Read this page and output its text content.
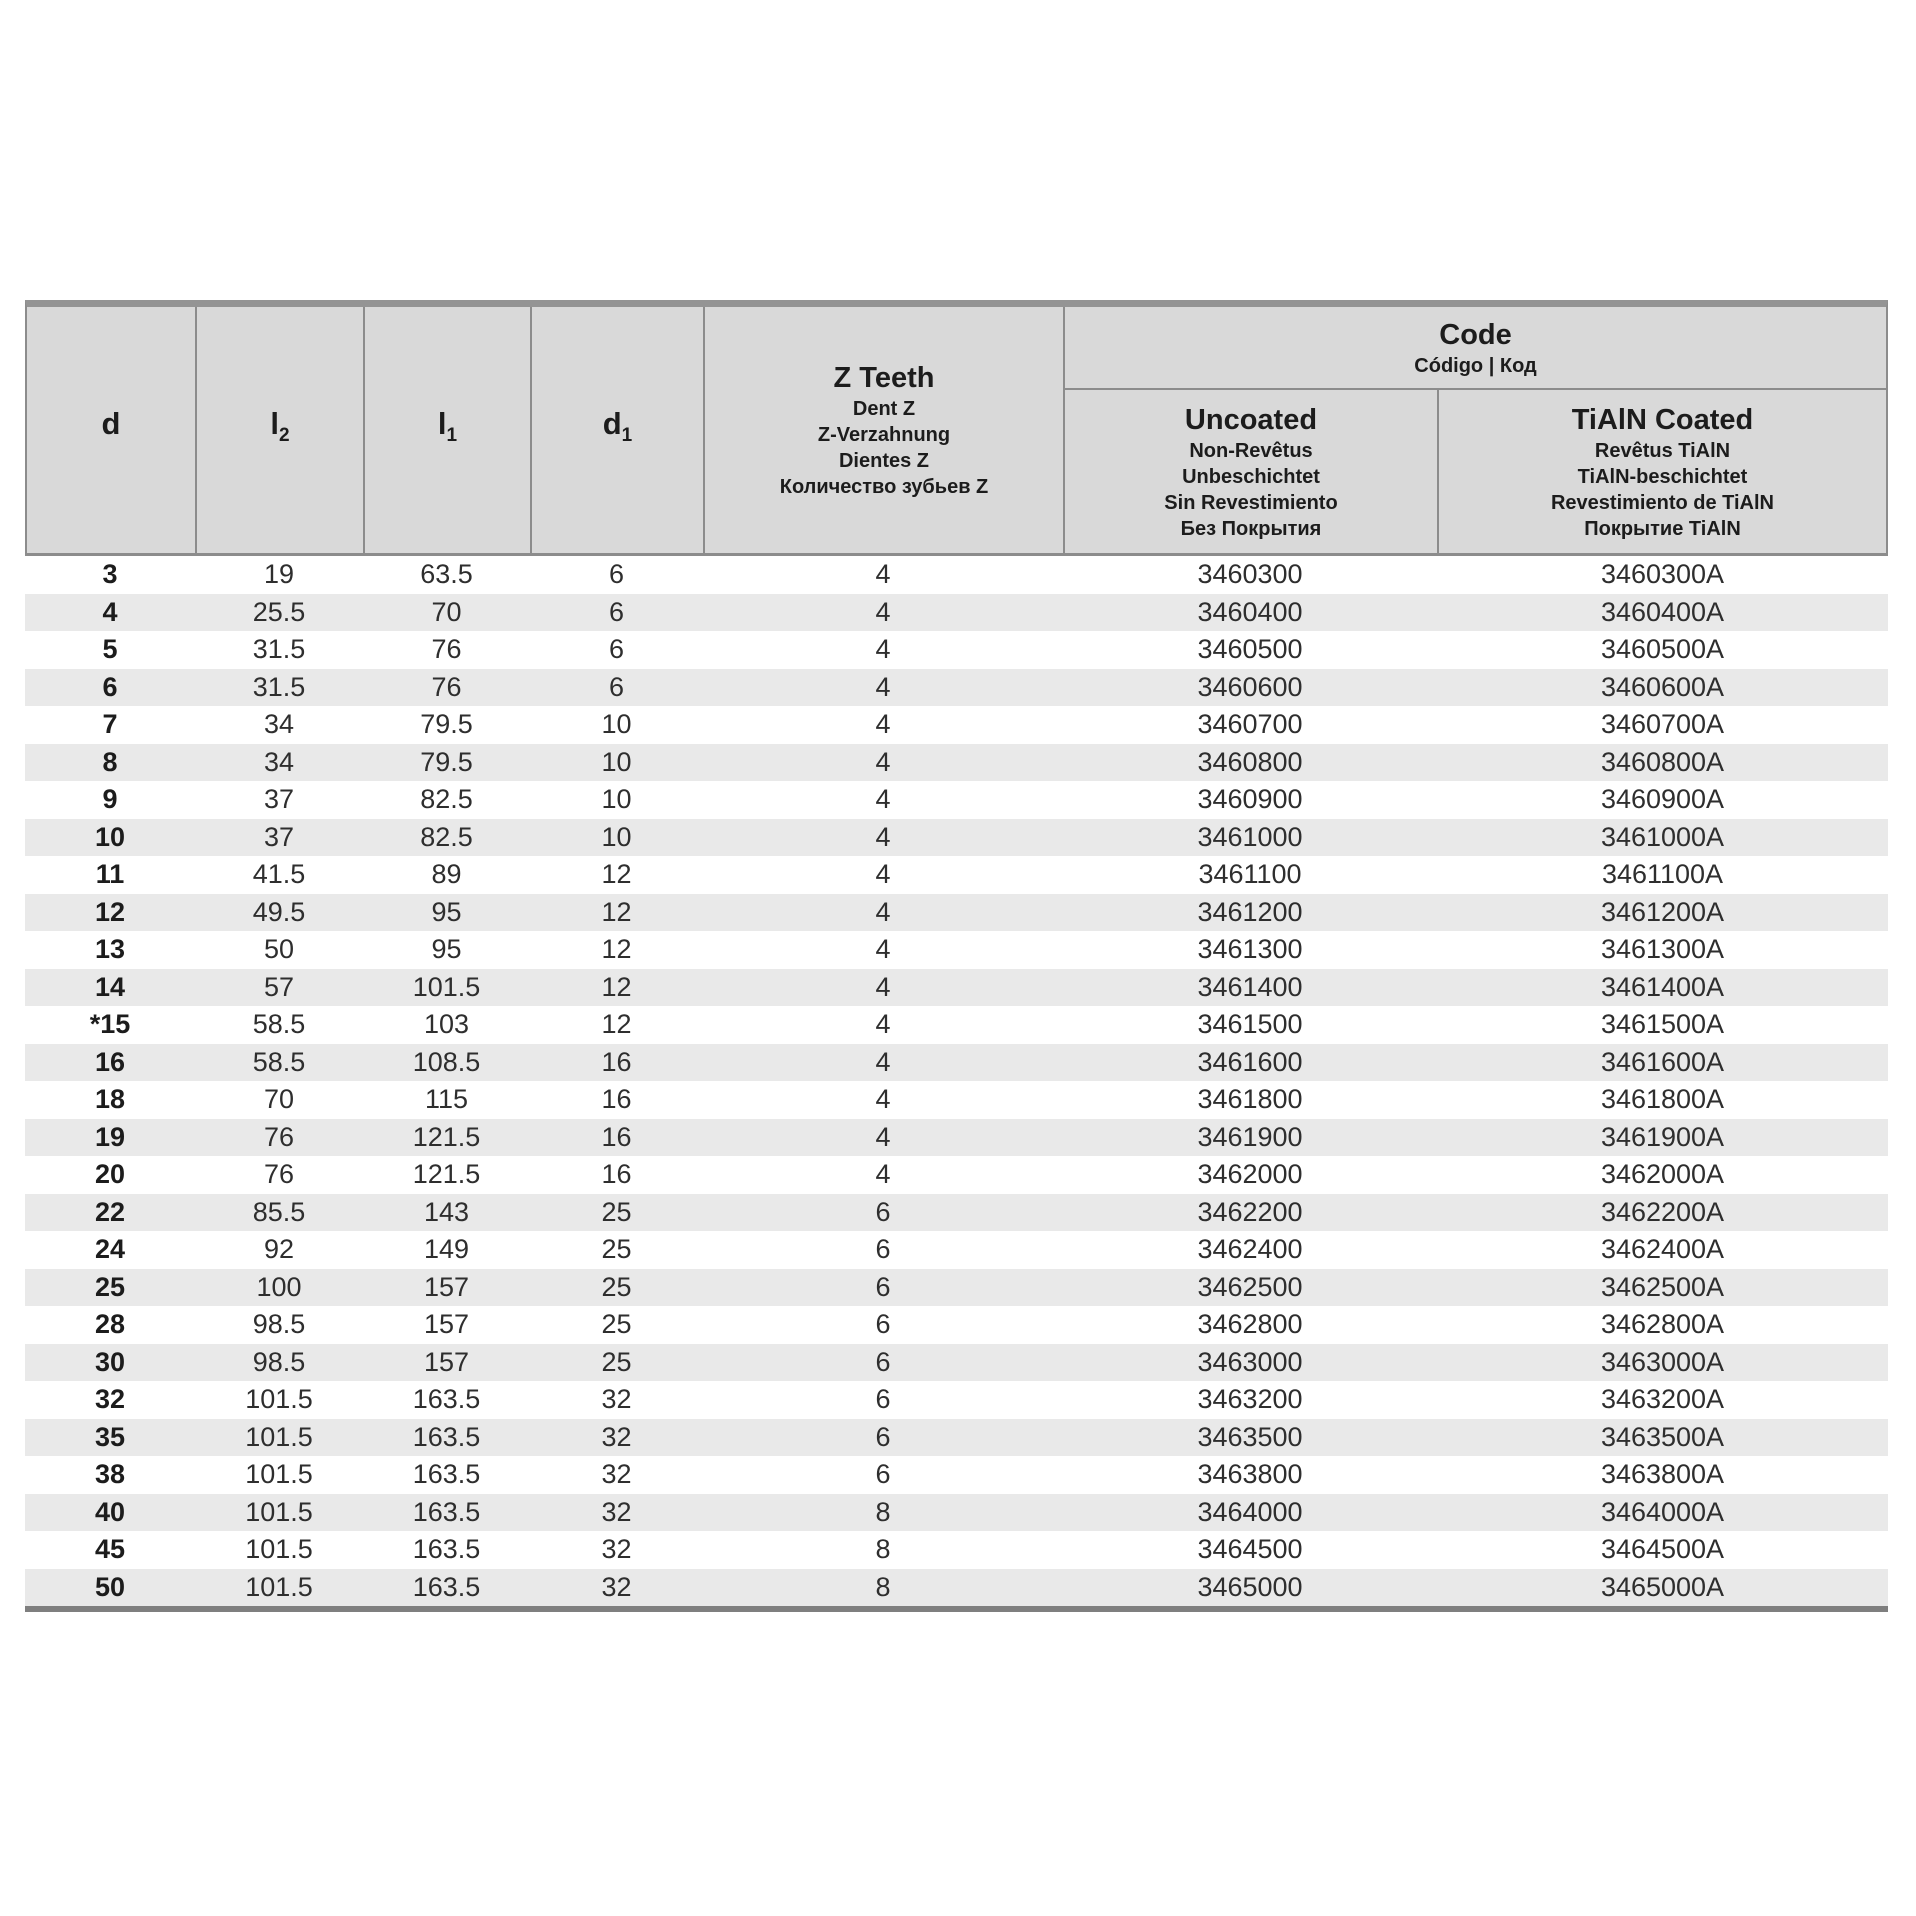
d	$l_2$	$l_1$	$d_1$
Z Teeth
Dent Z
Z-Verzahnung
Dientes Z
Количество зубьев Z
Code
Código | Код
Uncoated
Non-Revêtus
Unbeschichtet
Sin Revestimiento
Без Покрытия
TiAlN Coated
Revêtus TiAlN
TiAlN-beschichtet
Revestimiento de TiAlN
Покрытие TiAlN
3	19	63.5	6	4	3460300	3460300A
4	25.5	70	6	4	3460400	3460400A
5	31.5	76	6	4	3460500	3460500A
6	31.5	76	6	4	3460600	3460600A
7	34	79.5	10	4	3460700	3460700A
8	34	79.5	10	4	3460800	3460800A
9	37	82.5	10	4	3460900	3460900A
10	37	82.5	10	4	3461000	3461000A
11	41.5	89	12	4	3461100	3461100A
12	49.5	95	12	4	3461200	3461200A
13	50	95	12	4	3461300	3461300A
14	57	101.5	12	4	3461400	3461400A
*15	58.5	103	12	4	3461500	3461500A
16	58.5	108.5	16	4	3461600	3461600A
18	70	115	16	4	3461800	3461800A
19	76	121.5	16	4	3461900	3461900A
20	76	121.5	16	4	3462000	3462000A
22	85.5	143	25	6	3462200	3462200A
24	92	149	25	6	3462400	3462400A
25	100	157	25	6	3462500	3462500A
28	98.5	157	25	6	3462800	3462800A
30	98.5	157	25	6	3463000	3463000A
32	101.5	163.5	32	6	3463200	3463200A
35	101.5	163.5	32	6	3463500	3463500A
38	101.5	163.5	32	6	3463800	3463800A
40	101.5	163.5	32	8	3464000	3464000A
45	101.5	163.5	32	8	3464500	3464500A
50	101.5	163.5	32	8	3465000	3465000A
